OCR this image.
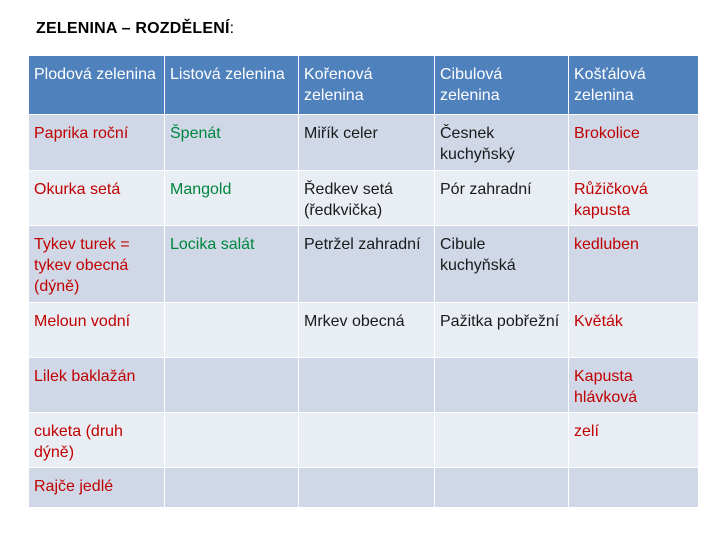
ZELENINA – ROZDĚLENÍ:
Plodová zelenina	Listová zelenina	Kořenová zelenina	Cibulová zelenina	Košťálová zelenina
Paprika roční	Špenát	Miřík celer	Česnek kuchyňský	Brokolice
Okurka setá	Mangold	Ředkev setá (ředkvička)	Pór zahradní	Růžičková kapusta
Tykev turek = tykev obecná (dýně)	Locika salát	Petržel zahradní	Cibule kuchyňská	kedluben
Meloun vodní		Mrkev obecná	Pažitka pobřežní	Květák
Lilek baklažán				Kapusta hlávková
cuketa (druh dýně)				zelí
Rajče jedlé				
